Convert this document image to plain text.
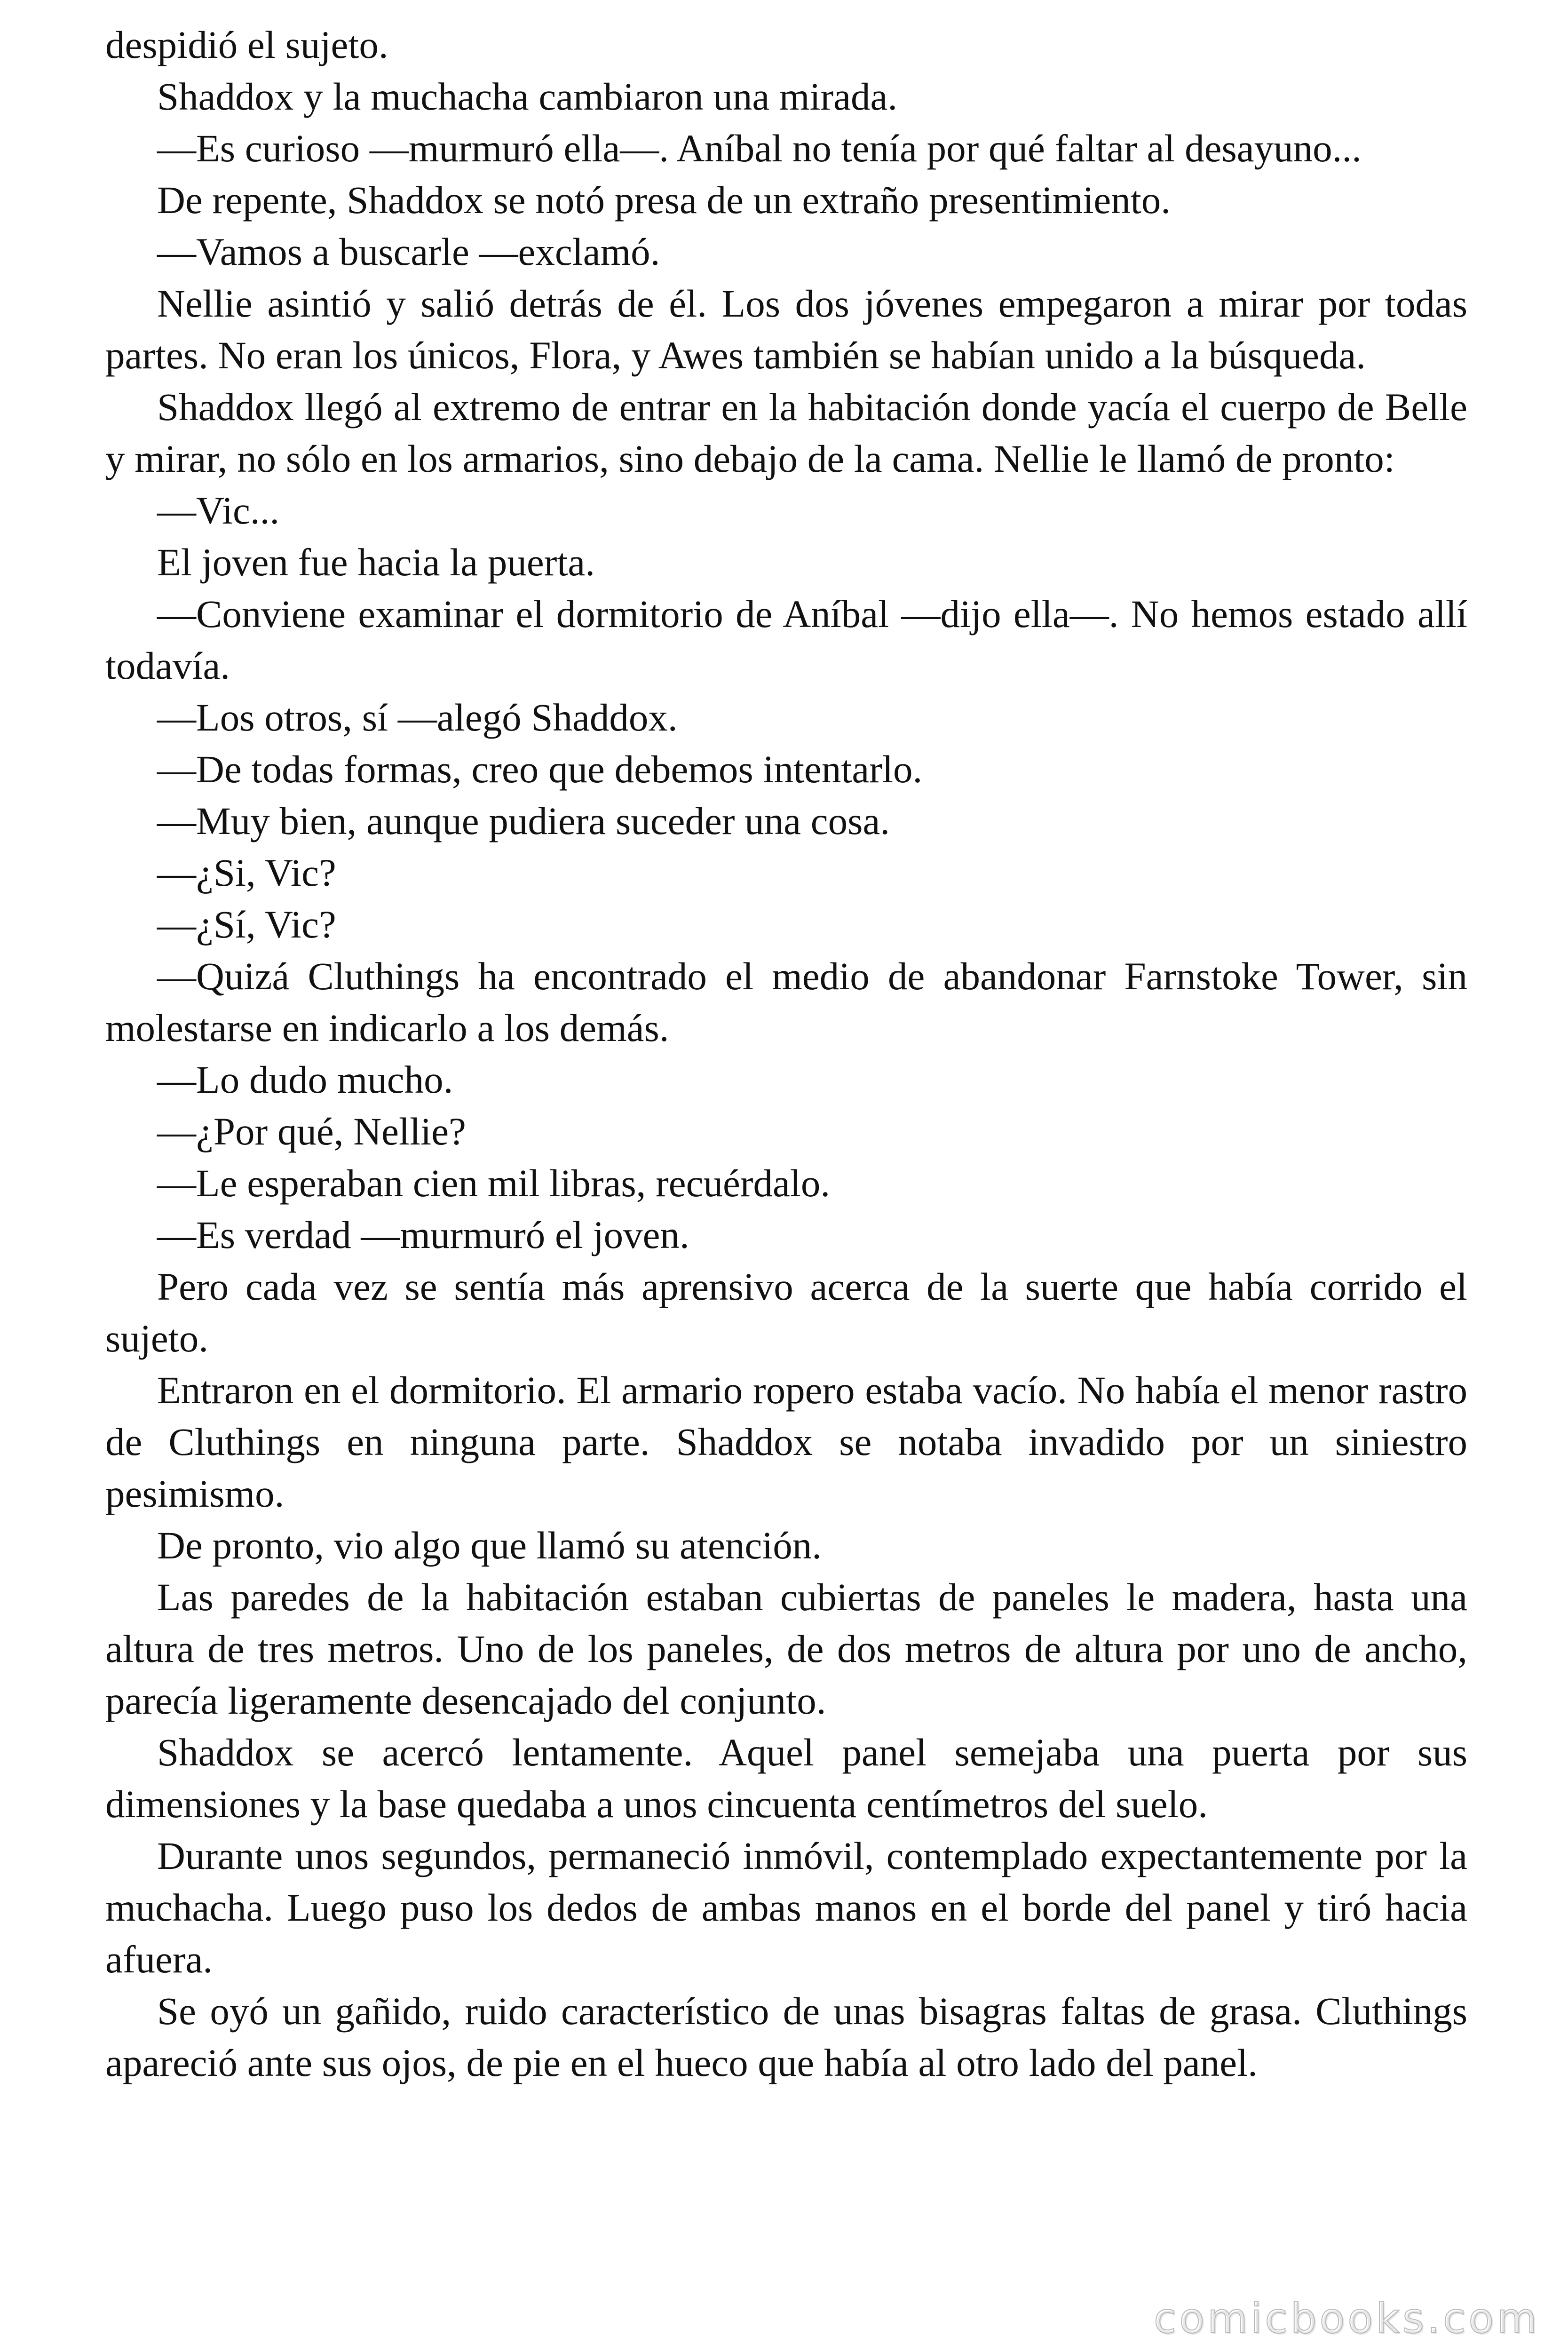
despidió el sujeto.

Shaddox y la muchacha cambiaron una mirada.

—Es curioso —murmuró ella—. Aníbal no tenía por qué faltar al desayuno...

De repente, Shaddox se notó presa de un extraño presentimiento.

—Vamos a buscarle —exclamó.

Nellie asintió y salió detrás de él. Los dos jóvenes empegaron a mirar por todas partes. No eran los únicos, Flora, y Awes también se habían unido a la búsqueda.

Shaddox llegó al extremo de entrar en la habitación donde yacía el cuerpo de Belle y mirar, no sólo en los armarios, sino debajo de la cama. Nellie le llamó de pronto:

—Vic...

El joven fue hacia la puerta.

—Conviene examinar el dormitorio de Aníbal —dijo ella—. No hemos estado allí todavía.

—Los otros, sí —alegó Shaddox.

—De todas formas, creo que debemos intentarlo.

—Muy bien, aunque pudiera suceder una cosa.

—¿Si, Vic?

—¿Sí, Vic?

—Quizá Cluthings ha encontrado el medio de abandonar Farnstoke Tower, sin molestarse en indicarlo a los demás.

—Lo dudo mucho.

—¿Por qué, Nellie?

—Le esperaban cien mil libras, recuérdalo.

—Es verdad —murmuró el joven.

Pero cada vez se sentía más aprensivo acerca de la suerte que había corrido el sujeto.

Entraron en el dormitorio. El armario ropero estaba vacío. No había el menor rastro de Cluthings en ninguna parte. Shaddox se notaba invadido por un siniestro pesimismo.

De pronto, vio algo que llamó su atención.

Las paredes de la habitación estaban cubiertas de paneles le madera, hasta una altura de tres metros. Uno de los paneles, de dos metros de altura por uno de ancho, parecía ligeramente desencajado del conjunto.

Shaddox se acercó lentamente. Aquel panel semejaba una puerta por sus dimensiones y la base quedaba a unos cincuenta centímetros del suelo.

Durante unos segundos, permaneció inmóvil, contemplado expectantemente por la muchacha. Luego puso los dedos de ambas manos en el borde del panel y tiró hacia afuera.

Se oyó un gañido, ruido característico de unas bisagras faltas de grasa. Cluthings apareció ante sus ojos, de pie en el hueco que había al otro lado del panel.

comicbooks.com
